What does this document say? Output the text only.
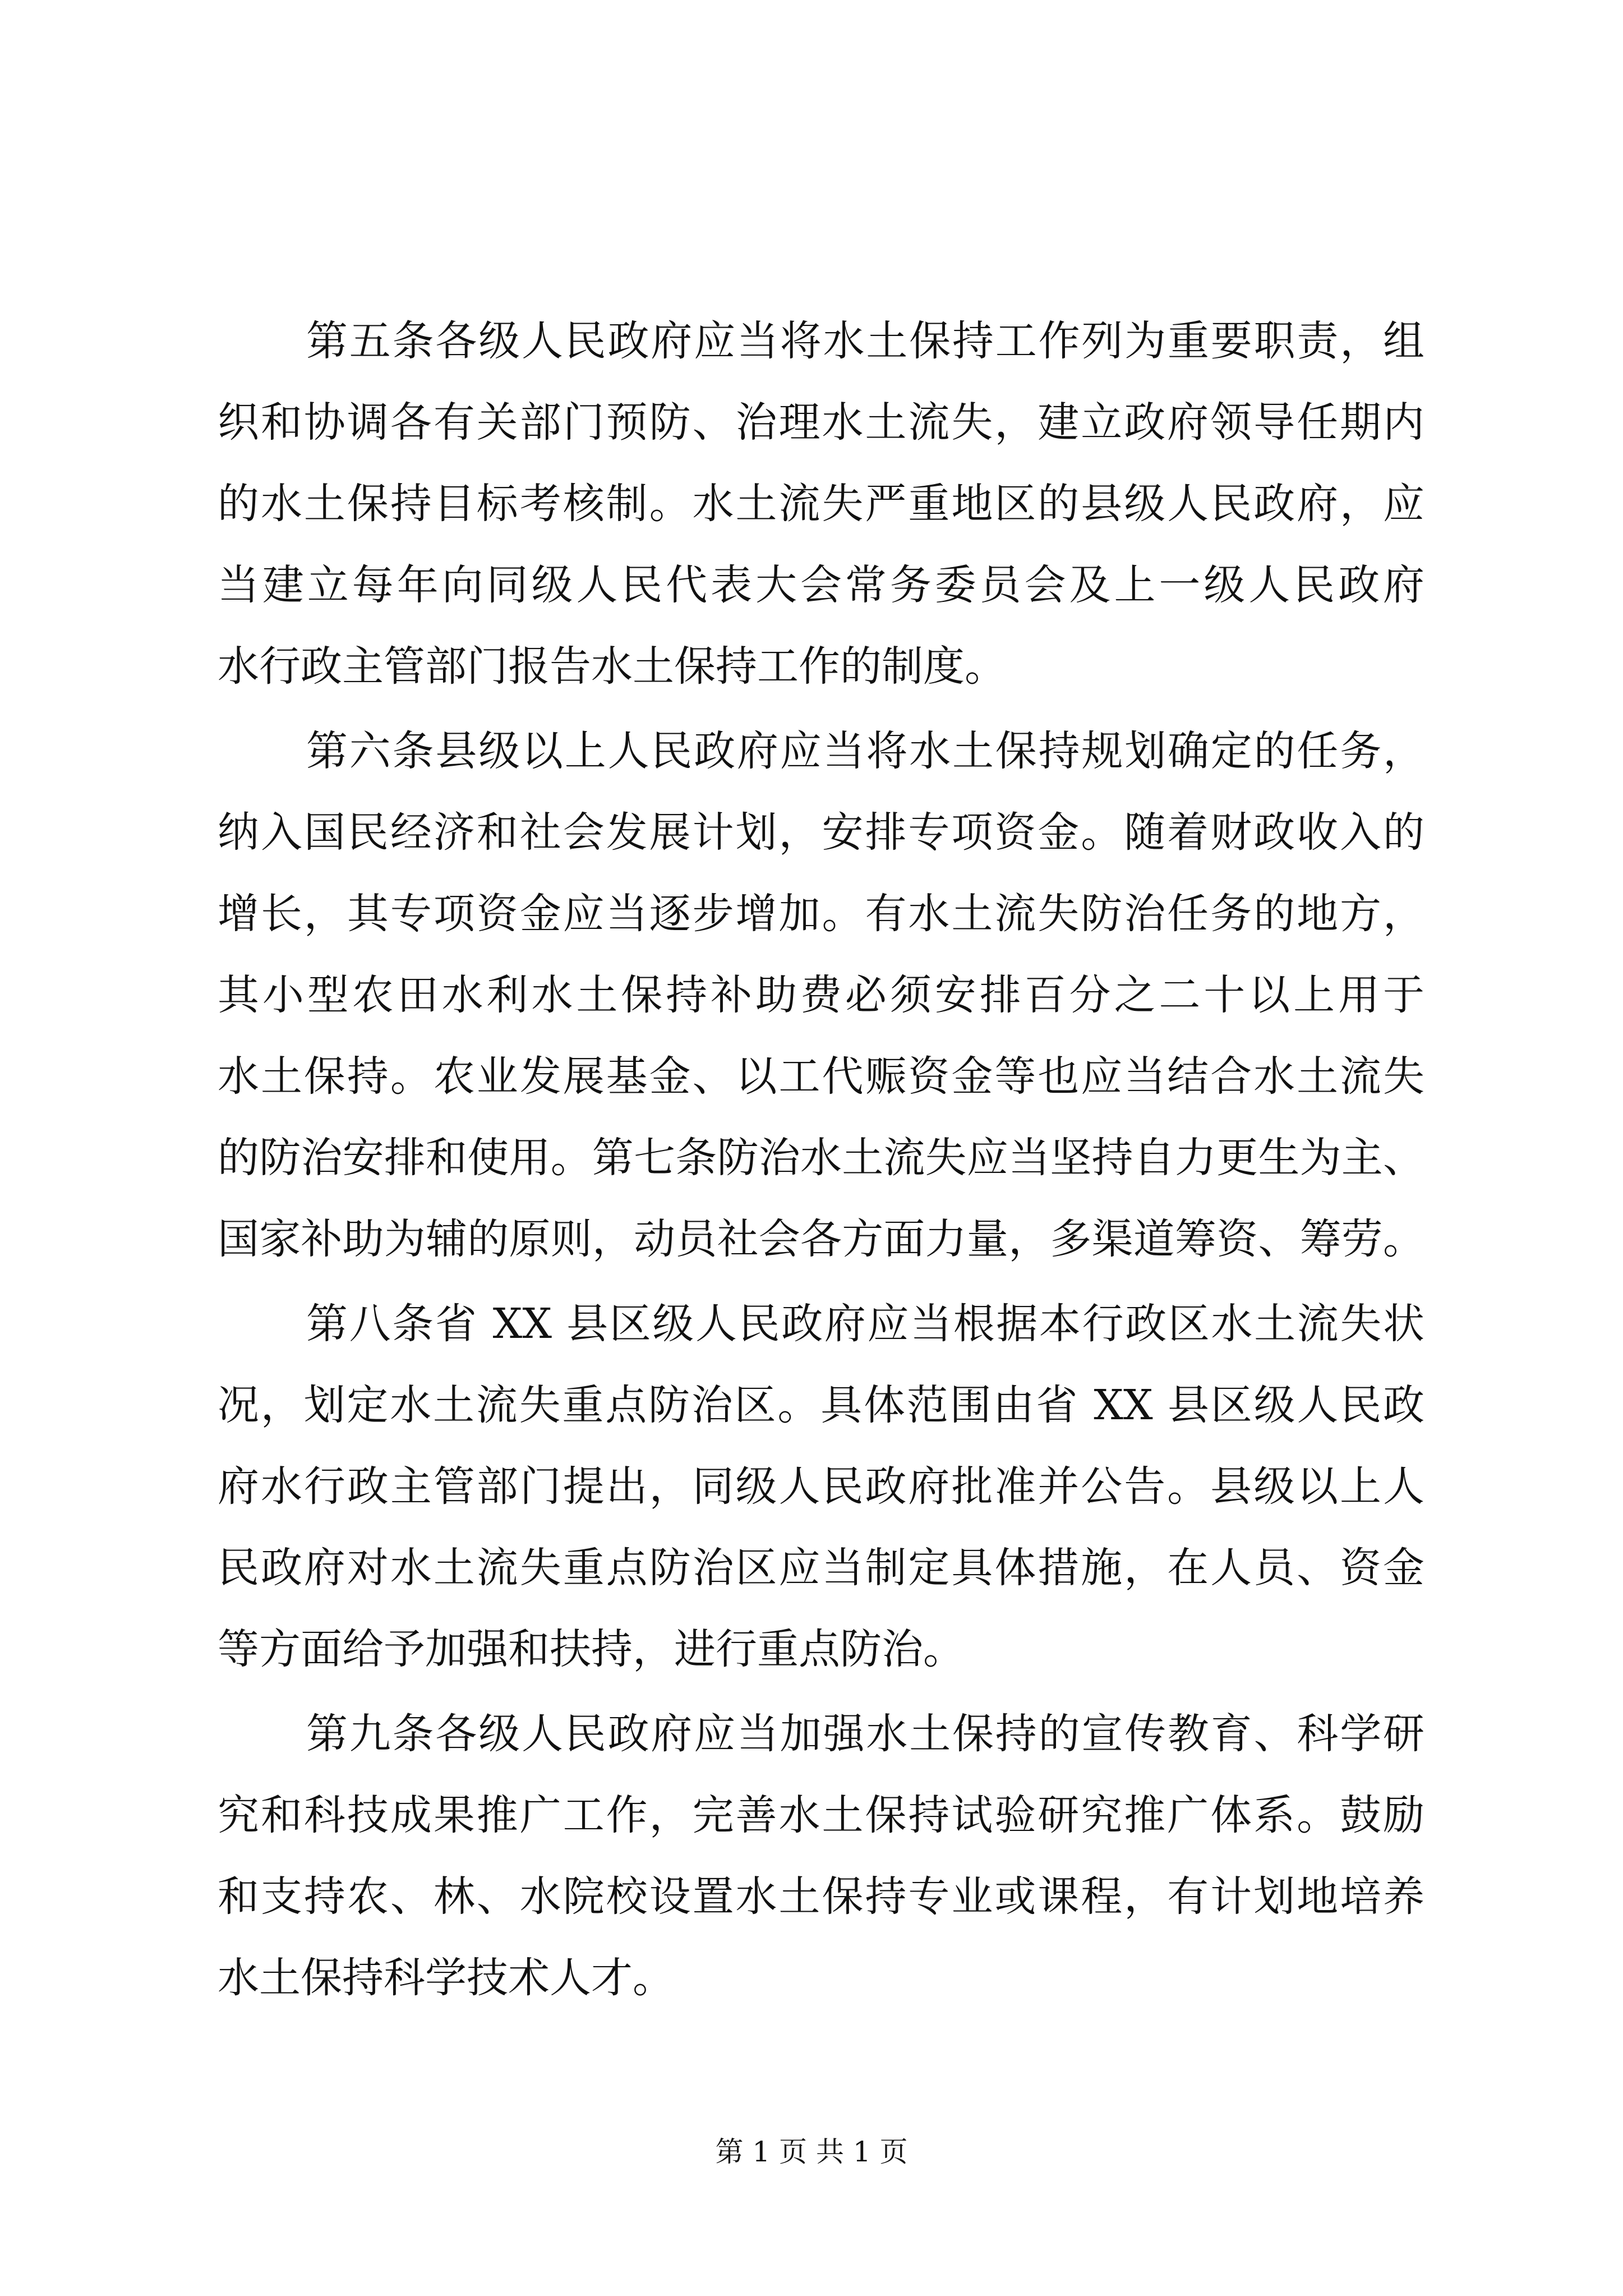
第五条各级人民政府应当将水土保持工作列为重要职责，组
织和协调各有关部门预防、治理水土流失，建立政府领导任期内
的水土保持目标考核制。水土流失严重地区的县级人民政府，应
当建立每年向同级人民代表大会常务委员会及上一级人民政府
水行政主管部门报告水土保持工作的制度。
第六条县级以上人民政府应当将水土保持规划确定的任务，
纳入国民经济和社会发展计划，安排专项资金。随着财政收入的
增长，其专项资金应当逐步增加。有水土流失防治任务的地方，
其小型农田水利水土保持补助费必须安排百分之二十以上用于
水土保持。农业发展基金、以工代赈资金等也应当结合水土流失
的防治安排和使用。第七条防治水土流失应当坚持自力更生为主、
国家补助为辅的原则，动员社会各方面力量，多渠道筹资、筹劳。
第八条省 XX 县区级人民政府应当根据本行政区水土流失状
况，划定水土流失重点防治区。具体范围由省 XX 县区级人民政
府水行政主管部门提出，同级人民政府批准并公告。县级以上人
民政府对水土流失重点防治区应当制定具体措施，在人员、资金
等方面给予加强和扶持，进行重点防治。
第九条各级人民政府应当加强水土保持的宣传教育、科学研
究和科技成果推广工作，完善水土保持试验研究推广体系。鼓励
和支持农、林、水院校设置水土保持专业或课程，有计划地培养
水土保持科学技术人才。
第 1 页 共 1 页
